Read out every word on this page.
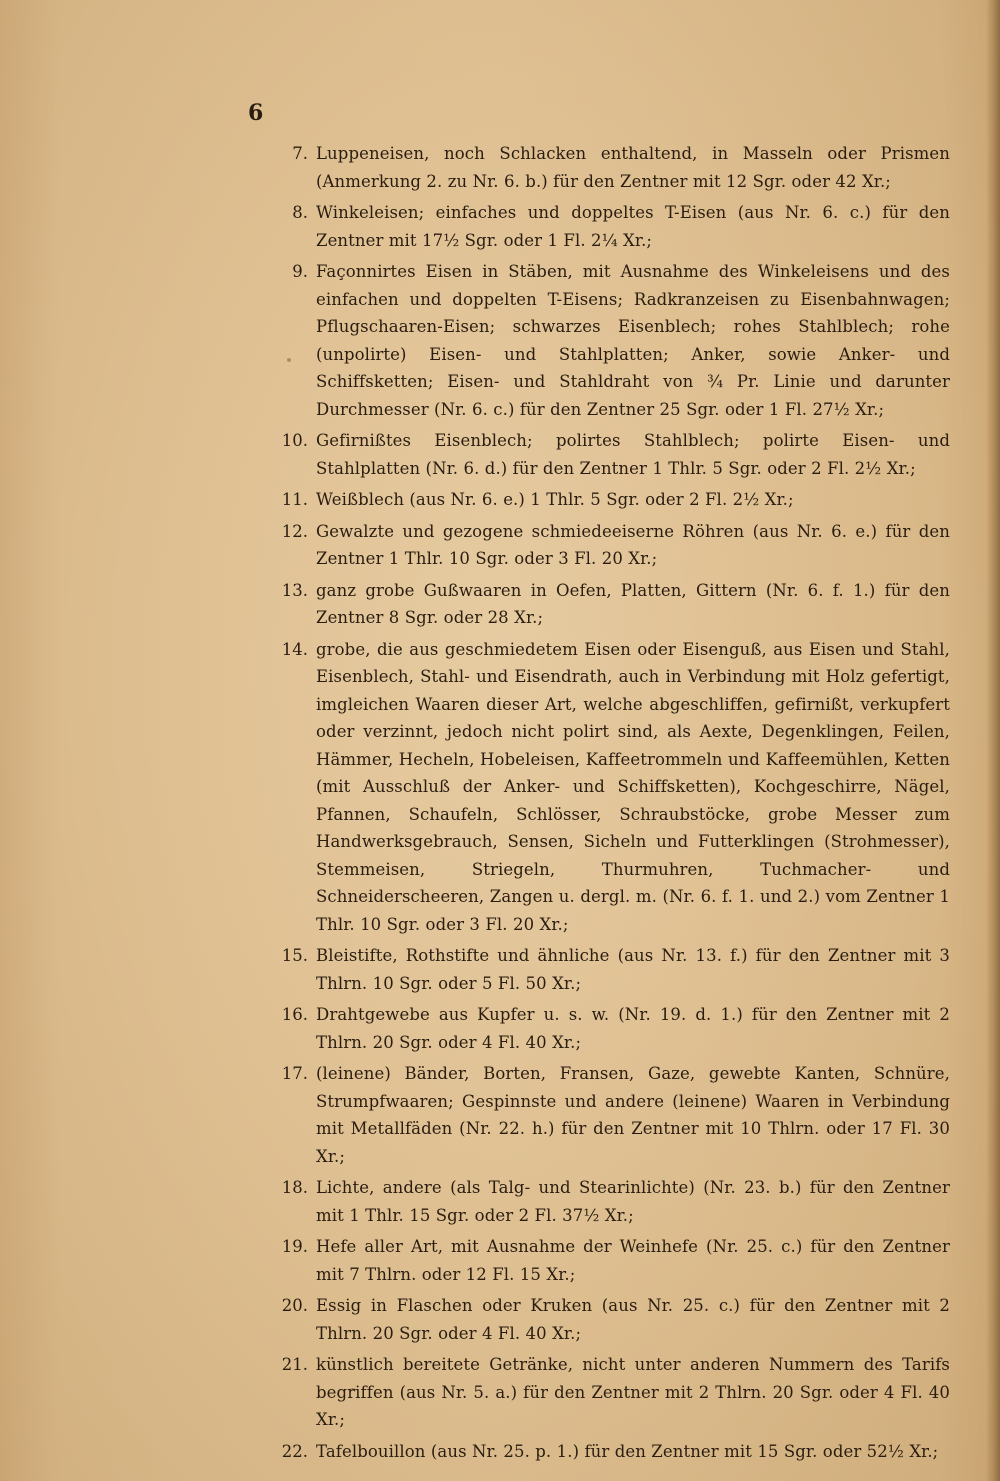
6
7. Luppeneisen, noch Schlacken enthaltend, in Masseln oder Prismen (Anmerkung 2. zu Nr. 6. b.) für den Zentner mit 12 Sgr. oder 42 Xr.;
8. Winkeleisen; einfaches und doppeltes T-Eisen (aus Nr. 6. c.) für den Zentner mit 17½ Sgr. oder 1 Fl. 2¼ Xr.;
9. Façonnirtes Eisen in Stäben, mit Ausnahme des Winkeleisens und des einfachen und doppelten T-Eisens; Radkranzeisen zu Eisenbahnwagen; Pflugschaaren-Eisen; schwarzes Eisenblech; rohes Stahlblech; rohe (unpolirte) Eisen- und Stahlplatten; Anker, sowie Anker- und Schiffsketten; Eisen- und Stahldraht von ¾ Pr. Linie und darunter Durchmesser (Nr. 6. c.) für den Zentner 25 Sgr. oder 1 Fl. 27½ Xr.;
10. Gefirnißtes Eisenblech; polirtes Stahlblech; polirte Eisen- und Stahlplatten (Nr. 6. d.) für den Zentner 1 Thlr. 5 Sgr. oder 2 Fl. 2½ Xr.;
11. Weißblech (aus Nr. 6. e.) 1 Thlr. 5 Sgr. oder 2 Fl. 2½ Xr.;
12. Gewalzte und gezogene schmiedeeiserne Röhren (aus Nr. 6. e.) für den Zentner 1 Thlr. 10 Sgr. oder 3 Fl. 20 Xr.;
13. ganz grobe Gußwaaren in Oefen, Platten, Gittern (Nr. 6. f. 1.) für den Zentner 8 Sgr. oder 28 Xr.;
14. grobe, die aus geschmiedetem Eisen oder Eisenguß, aus Eisen und Stahl, Eisenblech, Stahl- und Eisendrath, auch in Verbindung mit Holz gefertigt, imgleichen Waaren dieser Art, welche abgeschliffen, gefirnißt, verkupfert oder verzinnt, jedoch nicht polirt sind, als Aexte, Degenklingen, Feilen, Hämmer, Hecheln, Hobeleisen, Kaffeetrommeln und Kaffeemühlen, Ketten (mit Ausschluß der Anker- und Schiffsketten), Kochgeschirre, Nägel, Pfannen, Schaufeln, Schlösser, Schraubstöcke, grobe Messer zum Handwerksgebrauch, Sensen, Sicheln und Futterklingen (Strohmesser), Stemmeisen, Striegeln, Thurmuhren, Tuchmacher- und Schneiderscheeren, Zangen u. dergl. m. (Nr. 6. f. 1. und 2.) vom Zentner 1 Thlr. 10 Sgr. oder 3 Fl. 20 Xr.;
15. Bleistifte, Rothstifte und ähnliche (aus Nr. 13. f.) für den Zentner mit 3 Thlrn. 10 Sgr. oder 5 Fl. 50 Xr.;
16. Drahtgewebe aus Kupfer u. s. w. (Nr. 19. d. 1.) für den Zentner mit 2 Thlrn. 20 Sgr. oder 4 Fl. 40 Xr.;
17. (leinene) Bänder, Borten, Fransen, Gaze, gewebte Kanten, Schnüre, Strumpfwaaren; Gespinnste und andere (leinene) Waaren in Verbindung mit Metallfäden (Nr. 22. h.) für den Zentner mit 10 Thlrn. oder 17 Fl. 30 Xr.;
18. Lichte, andere (als Talg- und Stearinlichte) (Nr. 23. b.) für den Zentner mit 1 Thlr. 15 Sgr. oder 2 Fl. 37½ Xr.;
19. Hefe aller Art, mit Ausnahme der Weinhefe (Nr. 25. c.) für den Zentner mit 7 Thlrn. oder 12 Fl. 15 Xr.;
20. Essig in Flaschen oder Kruken (aus Nr. 25. c.) für den Zentner mit 2 Thlrn. 20 Sgr. oder 4 Fl. 40 Xr.;
21. künstlich bereitete Getränke, nicht unter anderen Nummern des Tarifs begriffen (aus Nr. 5. a.) für den Zentner mit 2 Thlrn. 20 Sgr. oder 4 Fl. 40 Xr.;
22. Tafelbouillon (aus Nr. 25. p. 1.) für den Zentner mit 15 Sgr. oder 52½ Xr.;
